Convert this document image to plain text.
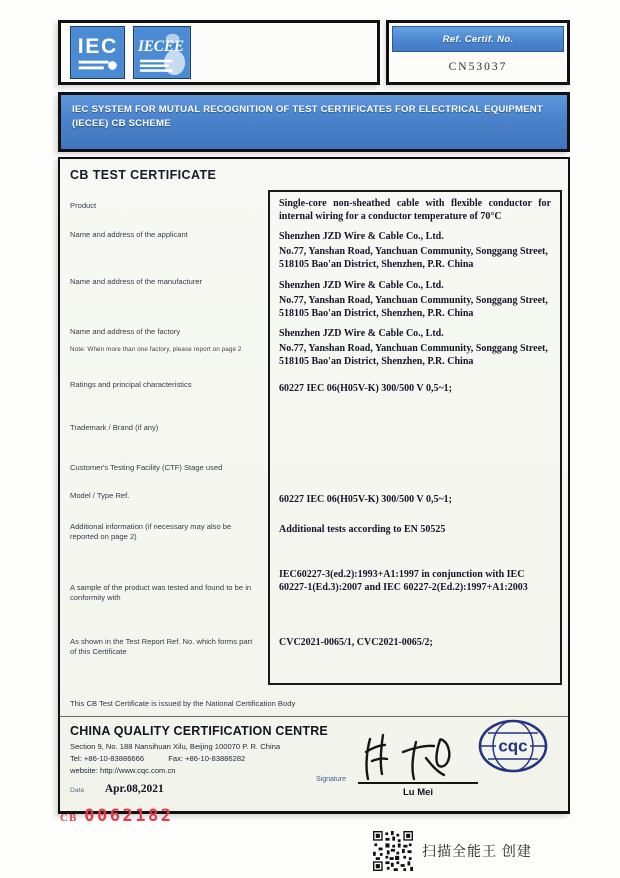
IEC IECEE	Ref. Certif. No.
CN53037
IEC SYSTEM FOR MUTUAL RECOGNITION OF TEST CERTIFICATES FOR ELECTRICAL EQUIPMENT (IECEE) CB SCHEME
CB TEST CERTIFICATE
Product
Name and address of the applicant
Name and address of the manufacturer
Name and address of the factory
Note: When more than one factory, please report on page 2
Ratings and principal characteristics
Trademark / Brand (if any)
Customer's Testing Facility (CTF) Stage used
Model / Type Ref.
Additional information (if necessary may also be reported on page 2)
A sample of the product was tested and found to be in conformity with
As shown in the Test Report Ref. No. which forms part of this Certificate
Single-core non-sheathed cable with flexible conductor for internal wiring for a conductor temperature of 70°C
Shenzhen JZD Wire & Cable Co., Ltd.
No.77, Yanshan Road, Yanchuan Community, Songgang Street, 518105 Bao'an District, Shenzhen, P.R. China
Shenzhen JZD Wire & Cable Co., Ltd.
No.77, Yanshan Road, Yanchuan Community, Songgang Street, 518105 Bao'an District, Shenzhen, P.R. China
Shenzhen JZD Wire & Cable Co., Ltd.
No.77, Yanshan Road, Yanchuan Community, Songgang Street, 518105 Bao'an District, Shenzhen, P.R. China
60227 IEC 06(H05V-K) 300/500 V 0,5~1;
60227 IEC 06(H05V-K) 300/500 V 0,5~1;
Additional tests according to EN 50525
IEC60227-3(ed.2):1993+A1:1997 in conjunction with IEC 60227-1(Ed.3):2007 and IEC 60227-2(Ed.2):1997+A1:2003
CVC2021-0065/1, CVC2021-0065/2;
This CB Test Certificate is issued by the National Certification Body
CHINA QUALITY CERTIFICATION CENTRE
Section 9, No. 188 Nansihuan Xilu, Beijing 100070 P. R. China
Tel: +86-10-83886666	Fax: +86-10-83886282
website: http://www.cqc.com.cn
Date Apr.08,2021
cqc
Signature
Lu Mei
CB 0062182
扫描全能王 创建
